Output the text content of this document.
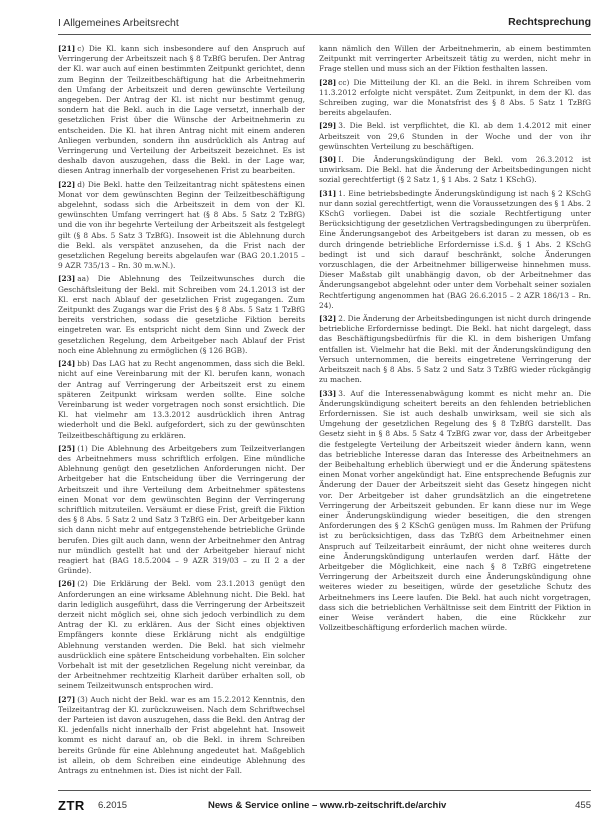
I Allgemeines Arbeitsrecht	Rechtsprechung

[21] c) Die Kl. kann sich insbesondere auf den Anspruch auf Verringerung der Arbeitszeit nach § 8 TzBfG berufen. Der Antrag der Kl. war auch auf einen bestimmten Zeitpunkt gerichtet, denn zum Beginn der Teilzeitbeschäftigung hat die Arbeitnehmerin den Umfang der Arbeitszeit und deren gewünschte Verteilung angegeben. Der Antrag der Kl. ist nicht nur bestimmt genug, sondern hat die Bekl. auch in die Lage versetzt, innerhalb der gesetzlichen Frist über die Wünsche der Arbeitnehmerin zu entscheiden. Die Kl. hat ihren Antrag nicht mit einem anderen Anliegen verbunden, sondern ihn ausdrücklich als Antrag auf Verringerung und Verteilung der Arbeitszeit bezeichnet. Es ist deshalb davon auszugehen, dass die Bekl. in der Lage war, diesen Antrag innerhalb der vorgesehenen Frist zu bearbeiten.

[22] d) Die Bekl. hatte den Teilzeitantrag nicht spätestens einen Monat vor dem gewünschten Beginn der Teilzeitbeschäftigung abgelehnt, sodass sich die Arbeitszeit in dem von der Kl. gewünschten Umfang verringert hat (§ 8 Abs. 5 Satz 2 TzBfG) und die von ihr begehrte Verteilung der Arbeitszeit als festgelegt gilt (§ 8 Abs. 5 Satz 3 TzBfG). Insoweit ist die Ablehnung durch die Bekl. als verspätet anzusehen, da die Frist nach der gesetzlichen Regelung bereits abgelaufen war (BAG 20.1.2015 – 9 AZR 735/13 – Rn. 30 m.w.N.).

[23] aa) Die Ablehnung des Teilzeitwunsches durch die Geschäftsleitung der Bekl. mit Schreiben vom 24.1.2013 ist der Kl. erst nach Ablauf der gesetzlichen Frist zugegangen. Zum Zeitpunkt des Zugangs war die Frist des § 8 Abs. 5 Satz 1 TzBfG bereits verstrichen, sodass die gesetzliche Fiktion bereits eingetreten war. Es entspricht nicht dem Sinn und Zweck der gesetzlichen Regelung, dem Arbeitgeber nach Ablauf der Frist noch eine Ablehnung zu ermöglichen (§ 126 BGB).

[24] bb) Das LAG hat zu Recht angenommen, dass sich die Bekl. nicht auf eine Vereinbarung mit der Kl. berufen kann, wonach der Antrag auf Verringerung der Arbeitszeit erst zu einem späteren Zeitpunkt wirksam werden sollte. Eine solche Vereinbarung ist weder vorgetragen noch sonst ersichtlich. Die Kl. hat vielmehr am 13.3.2012 ausdrücklich ihren Antrag wiederholt und die Bekl. aufgefordert, sich zu der gewünschten Teilzeitbeschäftigung zu erklären.

[25] (1) Die Ablehnung des Arbeitgebers zum Teilzeitverlangen des Arbeitnehmers muss schriftlich erfolgen. Eine mündliche Ablehnung genügt den gesetzlichen Anforderungen nicht. Der Arbeitgeber hat die Entscheidung über die Verringerung der Arbeitszeit und ihre Verteilung dem Arbeitnehmer spätestens einen Monat vor dem gewünschten Beginn der Verringerung schriftlich mitzuteilen. Versäumt er diese Frist, greift die Fiktion des § 8 Abs. 5 Satz 2 und Satz 3 TzBfG ein. Der Arbeitgeber kann sich dann nicht mehr auf entgegenstehende betriebliche Gründe berufen. Dies gilt auch dann, wenn der Arbeitnehmer den Antrag nur mündlich gestellt hat und der Arbeitgeber hierauf nicht reagiert hat (BAG 18.5.2004 – 9 AZR 319/03 – zu II 2 a der Gründe).

[26] (2) Die Erklärung der Bekl. vom 23.1.2013 genügt den Anforderungen an eine wirksame Ablehnung nicht. Die Bekl. hat darin lediglich ausgeführt, dass die Verringerung der Arbeitszeit derzeit nicht möglich sei, ohne sich jedoch verbindlich zu dem Antrag der Kl. zu erklären. Aus der Sicht eines objektiven Empfängers konnte diese Erklärung nicht als endgültige Ablehnung verstanden werden. Die Bekl. hat sich vielmehr ausdrücklich eine spätere Entscheidung vorbehalten. Ein solcher Vorbehalt ist mit der gesetzlichen Regelung nicht vereinbar, da der Arbeitnehmer rechtzeitig Klarheit darüber erhalten soll, ob seinem Teilzeitwunsch entsprochen wird.

[27] (3) Auch nicht der Bekl. war es am 15.2.2012 Kenntnis, den Teilzeitantrag der Kl. zurückzuweisen. Nach dem Schriftwechsel der Parteien ist davon auszugehen, dass die Bekl. den Antrag der Kl. jedenfalls nicht innerhalb der Frist abgelehnt hat. Insoweit kommt es nicht darauf an, ob die Bekl. in ihrem Schreiben bereits Gründe für eine Ablehnung angedeutet hat. Maßgeblich ist allein, ob dem Schreiben eine eindeutige Ablehnung des Antrags zu entnehmen ist. Dies ist nicht der Fall.

kann nämlich den Willen der Arbeitnehmerin, ab einem bestimmten Zeitpunkt mit verringerter Arbeitszeit tätig zu werden, nicht mehr in Frage stellen und muss sich an der Fiktion festhalten lassen.

[28] cc) Die Mitteilung der Kl. an die Bekl. in ihrem Schreiben vom 11.3.2012 erfolgte nicht verspätet. Zum Zeitpunkt, in dem der Kl. das Schreiben zuging, war die Monatsfrist des § 8 Abs. 5 Satz 1 TzBfG bereits abgelaufen.

[29] 3. Die Bekl. ist verpflichtet, die Kl. ab dem 1.4.2012 mit einer Arbeitszeit von 29,6 Stunden in der Woche und der von ihr gewünschten Verteilung zu beschäftigen.

[30] I. Die Änderungskündigung der Bekl. vom 26.3.2012 ist unwirksam. Die Bekl. hat die Änderung der Arbeitsbedingungen nicht sozial gerechtfertigt (§ 2 Satz 1, § 1 Abs. 2 Satz 1 KSchG).

[31] 1. Eine betriebsbedingte Änderungskündigung ist nach § 2 KSchG nur dann sozial gerechtfertigt, wenn die Voraussetzungen des § 1 Abs. 2 KSchG vorliegen. Dabei ist die soziale Rechtfertigung unter Berücksichtigung der gesetzlichen Vertragsbedingungen zu überprüfen. Eine Änderungsangebot des Arbeitgebers ist daran zu messen, ob es durch dringende betriebliche Erfordernisse i.S.d. § 1 Abs. 2 KSchG bedingt ist und sich darauf beschränkt, solche Änderungen vorzuschlagen, die der Arbeitnehmer billigerweise hinnehmen muss. Dieser Maßstab gilt unabhängig davon, ob der Arbeitnehmer das Änderungsangebot abgelehnt oder unter dem Vorbehalt seiner sozialen Rechtfertigung angenommen hat (BAG 26.6.2015 – 2 AZR 186/13 – Rn. 24).

[32] 2. Die Änderung der Arbeitsbedingungen ist nicht durch dringende betriebliche Erfordernisse bedingt. Die Bekl. hat nicht dargelegt, dass das Beschäftigungsbedürfnis für die Kl. in dem bisherigen Umfang entfallen ist. Vielmehr hat die Bekl. mit der Änderungskündigung den Versuch unternommen, die bereits eingetretene Verringerung der Arbeitszeit nach § 8 Abs. 5 Satz 2 und Satz 3 TzBfG wieder rückgängig zu machen.

[33] 3. Auf die Interessenabwägung kommt es nicht mehr an. Die Änderungskündigung scheitert bereits an den fehlenden betrieblichen Erfordernissen. Sie ist auch deshalb unwirksam, weil sie sich als Umgehung der gesetzlichen Regelung des § 8 TzBfG darstellt. Das Gesetz sieht in § 8 Abs. 5 Satz 4 TzBfG zwar vor, dass der Arbeitgeber die festgelegte Verteilung der Arbeitszeit wieder ändern kann, wenn das betriebliche Interesse daran das Interesse des Arbeitnehmers an der Beibehaltung erheblich überwiegt und er die Änderung spätestens einen Monat vorher angekündigt hat. Eine entsprechende Befugnis zur Änderung der Dauer der Arbeitszeit sieht das Gesetz hingegen nicht vor. Der Arbeitgeber ist daher grundsätzlich an die eingetretene Verringerung der Arbeitszeit gebunden. Er kann diese nur im Wege einer Änderungskündigung wieder beseitigen, die den strengen Anforderungen des § 2 KSchG genügen muss. Im Rahmen der Prüfung ist zu berücksichtigen, dass das TzBfG dem Arbeitnehmer einen Anspruch auf Teilzeitarbeit einräumt, der nicht ohne weiteres durch eine Änderungskündigung unterlaufen werden darf. Hätte der Arbeitgeber die Möglichkeit, eine nach § 8 TzBfG eingetretene Verringerung der Arbeitszeit durch eine Änderungskündigung ohne weiteres wieder zu beseitigen, würde der gesetzliche Schutz des Arbeitnehmers ins Leere laufen. Die Bekl. hat auch nicht vorgetragen, dass sich die betrieblichen Verhältnisse seit dem Eintritt der Fiktion in einer Weise verändert haben, die eine Rückkehr zur Vollzeitbeschäftigung erforderlich machen würde.

ZTR 6.2015	News & Service online – www.rb-zeitschrift.de/archiv	455
